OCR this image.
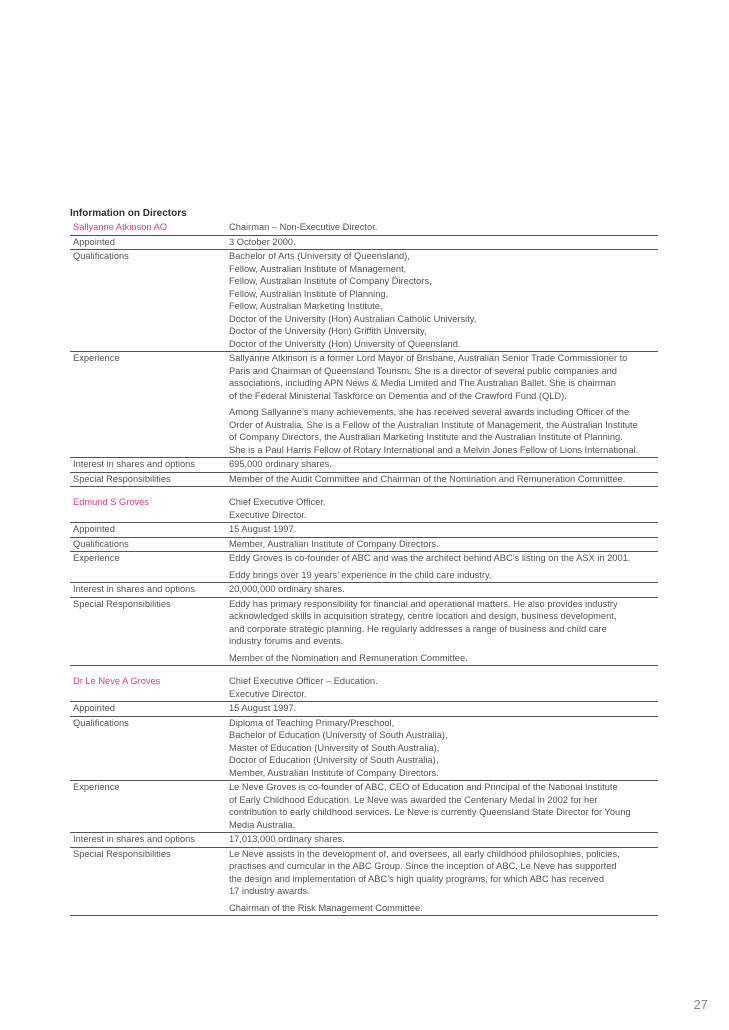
Information on Directors
Sallyanne Atkinson AO	Chairman – Non-Executive Director.

Appointed	3 October 2000.

Qualifications	Bachelor of Arts (University of Queensland),
Fellow, Australian Institute of Management,
Fellow, Australian Institute of Company Directors,
Fellow, Australian Institute of Planning,
Fellow, Australian Marketing Institute,
Doctor of the University (Hon) Australian Catholic University,
Doctor of the University (Hon) Griffith University,
Doctor of the University (Hon) University of Queensland.

Experience	Sallyanne Atkinson is a former Lord Mayor of Brisbane, Australian Senior Trade Commissioner to
Paris and Chairman of Queensland Tourism. She is a director of several public companies and
associations, including APN News & Media Limited and The Australian Ballet. She is chairman
of the Federal Ministerial Taskforce on Dementia and of the Crawford Fund (QLD).

Among Sallyanne’s many achievements, she has received several awards including Officer of the
Order of Australia. She is a Fellow of the Australian Institute of Management, the Australian Institute
of Company Directors, the Australian Marketing Institute and the Australian Institute of Planning.
She is a Paul Harris Fellow of Rotary International and a Melvin Jones Fellow of Lions International.

Interest in shares and options	695,000 ordinary shares.

Special Responsibilities	Member of the Audit Committee and Chairman of the Nomination and Remuneration Committee.

Edmund S Groves	Chief Executive Officer.
Executive Director.

Appointed	15 August 1997.

Qualifications	Member, Australian Institute of Company Directors.

Experience	Eddy Groves is co-founder of ABC and was the architect behind ABC’s listing on the ASX in 2001.

Eddy brings over 19 years’ experience in the child care industry.

Interest in shares and options	20,000,000 ordinary shares.

Special Responsibilities	Eddy has primary responsibility for financial and operational matters. He also provides industry
acknowledged skills in acquisition strategy, centre location and design, business development,
and corporate strategic planning. He regularly addresses a range of business and child care
industry forums and events.

Member of the Nomination and Remuneration Committee.

Dr Le Neve A Groves	Chief Executive Officer – Education.
Executive Director.

Appointed	15 August 1997.

Qualifications	Diploma of Teaching Primary/Preschool,
Bachelor of Education (University of South Australia),
Master of Education (University of South Australia),
Doctor of Education (University of South Australia),
Member, Australian Institute of Company Directors.

Experience	Le Neve Groves is co-founder of ABC, CEO of Education and Principal of the National Institute
of Early Childhood Education. Le Neve was awarded the Centenary Medal in 2002 for her
contribution to early childhood services. Le Neve is currently Queensland State Director for Young
Media Australia.

Interest in shares and options	17,013,000 ordinary shares.

Special Responsibilities	Le Neve assists in the development of, and oversees, all early childhood philosophies, policies,
practises and curricular in the ABC Group. Since the inception of ABC, Le Neve has supported
the design and implementation of ABC’s high quality programs, for which ABC has received
17 industry awards.

Chairman of the Risk Management Committee.

27
